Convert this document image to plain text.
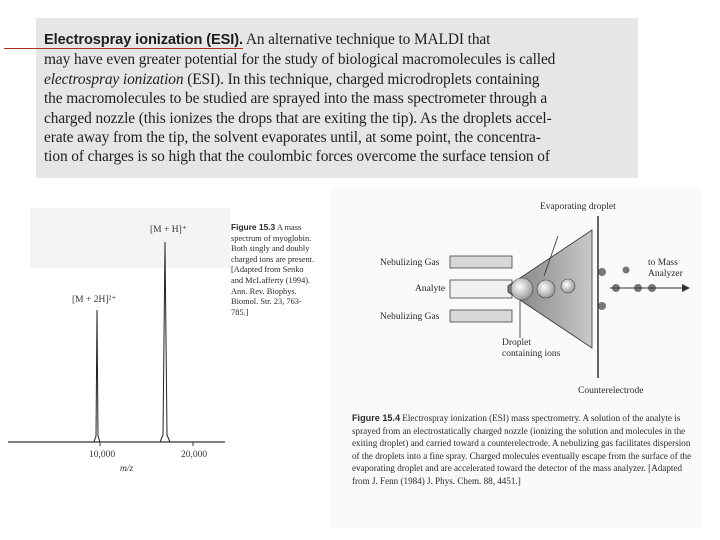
Electrospray ionization (ESI). An alternative technique to MALDI that
may have even greater potential for the study of biological macromolecules is called
electrospray ionization (ESI). In this technique, charged microdroplets containing
the macromolecules to be studied are sprayed into the mass spectrometer through a
charged nozzle (this ionizes the drops that are exiting the tip). As the droplets accel-
erate away from the tip, the solvent evaporates until, at some point, the concentra-
tion of charges is so high that the coulombic forces overcome the surface tension of
[M + H]⁺
[M + 2H]²⁺
10,000	20,000
m/z
Figure 15.3 A mass spectrum of myoglobin. Both singly and doubly charged ions are present. [Adapted from Senko and McLafferty (1994). Ann. Rev. Biophys. Biomol. Str. 23, 763-785.]
Evaporating droplet
Nebulizing Gas
Analyte
Nebulizing Gas
Droplet containing ions
to Mass Analyzer
Counterelectrode
Figure 15.4 Electrospray ionization (ESI) mass spectrometry. A solution of the analyte is sprayed from an electrostatically charged nozzle (ionizing the solution and molecules in the exiting droplet) and carried toward a counterelectrode. A nebulizing gas facilitates dispersion of the droplets into a fine spray. Charged molecules eventually escape from the surface of the evaporating droplet and are accelerated toward the detector of the mass analyzer. [Adapted from J. Fenn (1984) J. Phys. Chem. 88, 4451.]
